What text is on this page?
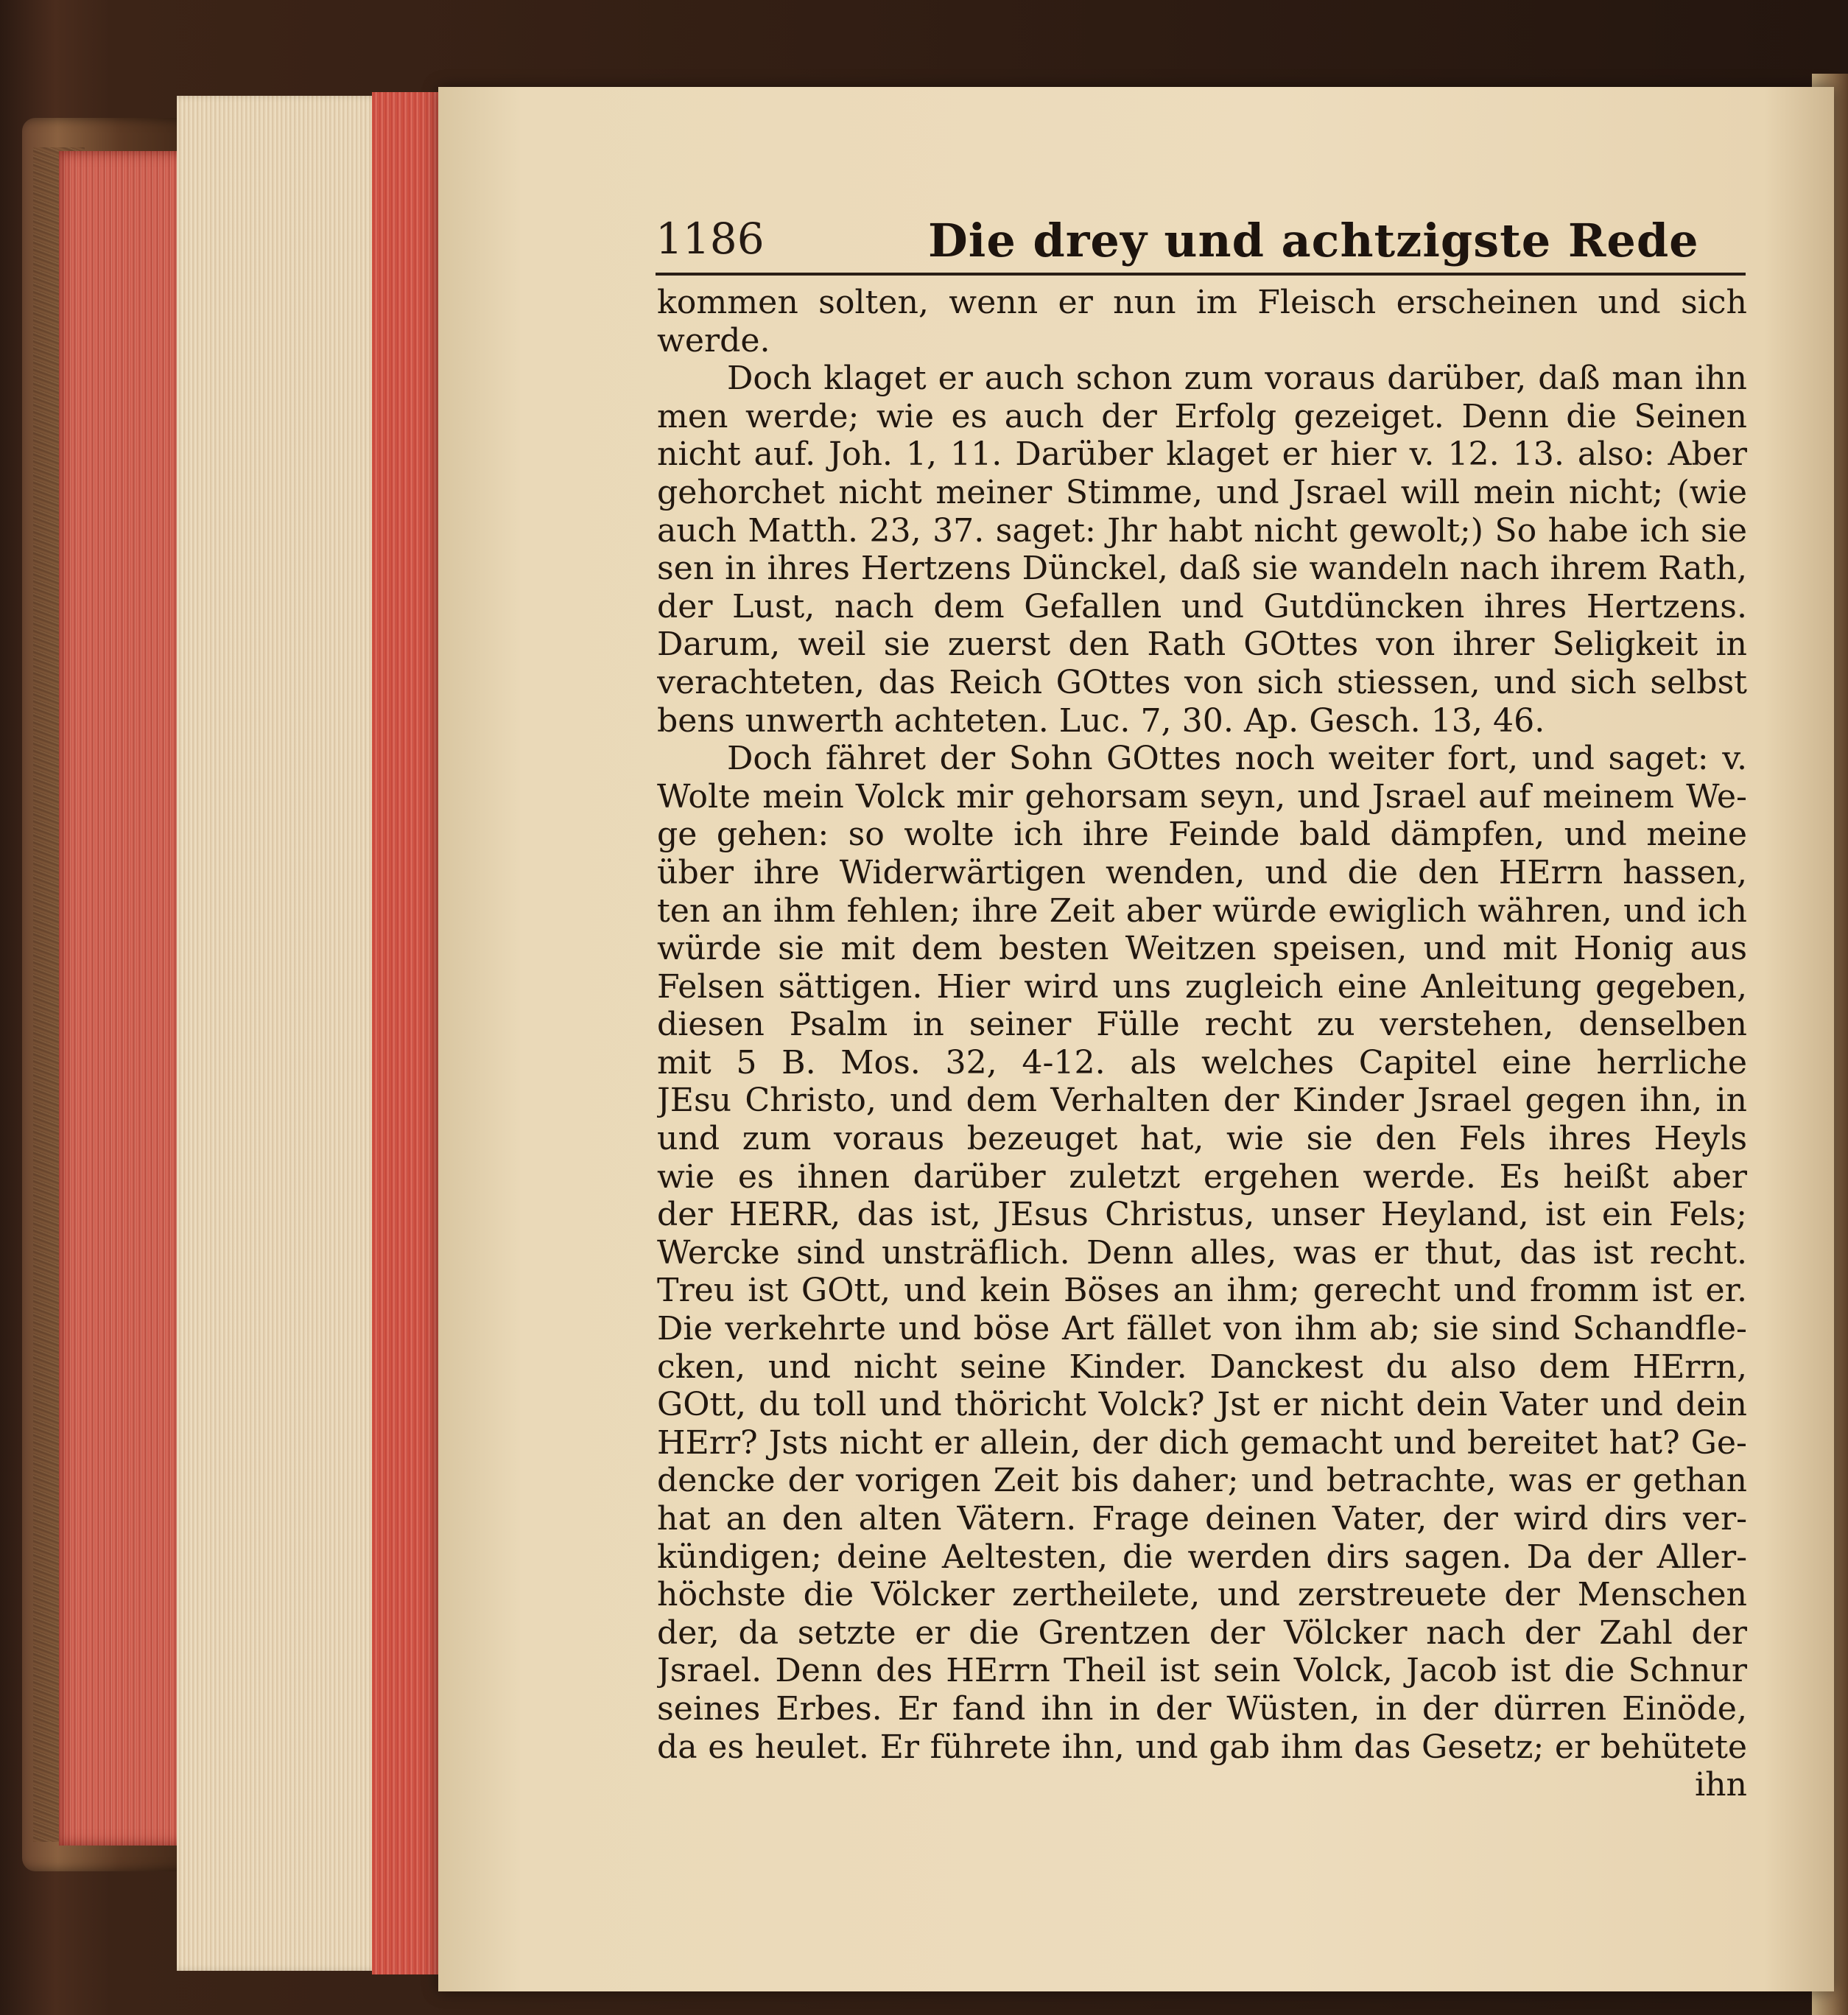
1186	Die drey und achtzigste Rede
kommen solten, wenn er nun im Fleisch erscheinen und sich
werde.
Doch klaget er auch schon zum voraus darüber, daß man ihn
men werde; wie es auch der Erfolg gezeiget. Denn die Seinen
nicht auf. Joh. 1, 11. Darüber klaget er hier v. 12. 13. also: Aber
gehorchet nicht meiner Stimme, und Jsrael will mein nicht; (wie
auch Matth. 23, 37. saget: Jhr habt nicht gewolt;) So habe ich sie
sen in ihres Hertzens Dünckel, daß sie wandeln nach ihrem Rath,
der Lust, nach dem Gefallen und Gutdüncken ihres Hertzens.
Darum, weil sie zuerst den Rath GOttes von ihrer Seligkeit in
verachteten, das Reich GOttes von sich stiessen, und sich selbst
bens unwerth achteten. Luc. 7, 30. Ap. Gesch. 13, 46.
Doch fähret der Sohn GOttes noch weiter fort, und saget: v.
Wolte mein Volck mir gehorsam seyn, und Jsrael auf meinem We-
ge gehen: so wolte ich ihre Feinde bald dämpfen, und meine
über ihre Widerwärtigen wenden, und die den HErrn hassen,
ten an ihm fehlen; ihre Zeit aber würde ewiglich währen, und ich
würde sie mit dem besten Weitzen speisen, und mit Honig aus
Felsen sättigen. Hier wird uns zugleich eine Anleitung gegeben,
diesen Psalm in seiner Fülle recht zu verstehen, denselben
mit 5 B. Mos. 32, 4-12. als welches Capitel eine herrliche
JEsu Christo, und dem Verhalten der Kinder Jsrael gegen ihn, in
und zum voraus bezeuget hat, wie sie den Fels ihres Heyls
wie es ihnen darüber zuletzt ergehen werde. Es heißt aber
der HERR, das ist, JEsus Christus, unser Heyland, ist ein Fels;
Wercke sind unsträflich. Denn alles, was er thut, das ist recht.
Treu ist GOtt, und kein Böses an ihm; gerecht und fromm ist er.
Die verkehrte und böse Art fället von ihm ab; sie sind Schandfle-
cken, und nicht seine Kinder. Danckest du also dem HErrn,
GOtt, du toll und thöricht Volck? Jst er nicht dein Vater und dein
HErr? Jsts nicht er allein, der dich gemacht und bereitet hat? Ge-
dencke der vorigen Zeit bis daher; und betrachte, was er gethan
hat an den alten Vätern. Frage deinen Vater, der wird dirs ver-
kündigen; deine Aeltesten, die werden dirs sagen. Da der Aller-
höchste die Völcker zertheilete, und zerstreuete der Menschen
der, da setzte er die Grentzen der Völcker nach der Zahl der
Jsrael. Denn des HErrn Theil ist sein Volck, Jacob ist die Schnur
seines Erbes. Er fand ihn in der Wüsten, in der dürren Einöde,
da es heulet. Er führete ihn, und gab ihm das Gesetz; er behütete
ihn
